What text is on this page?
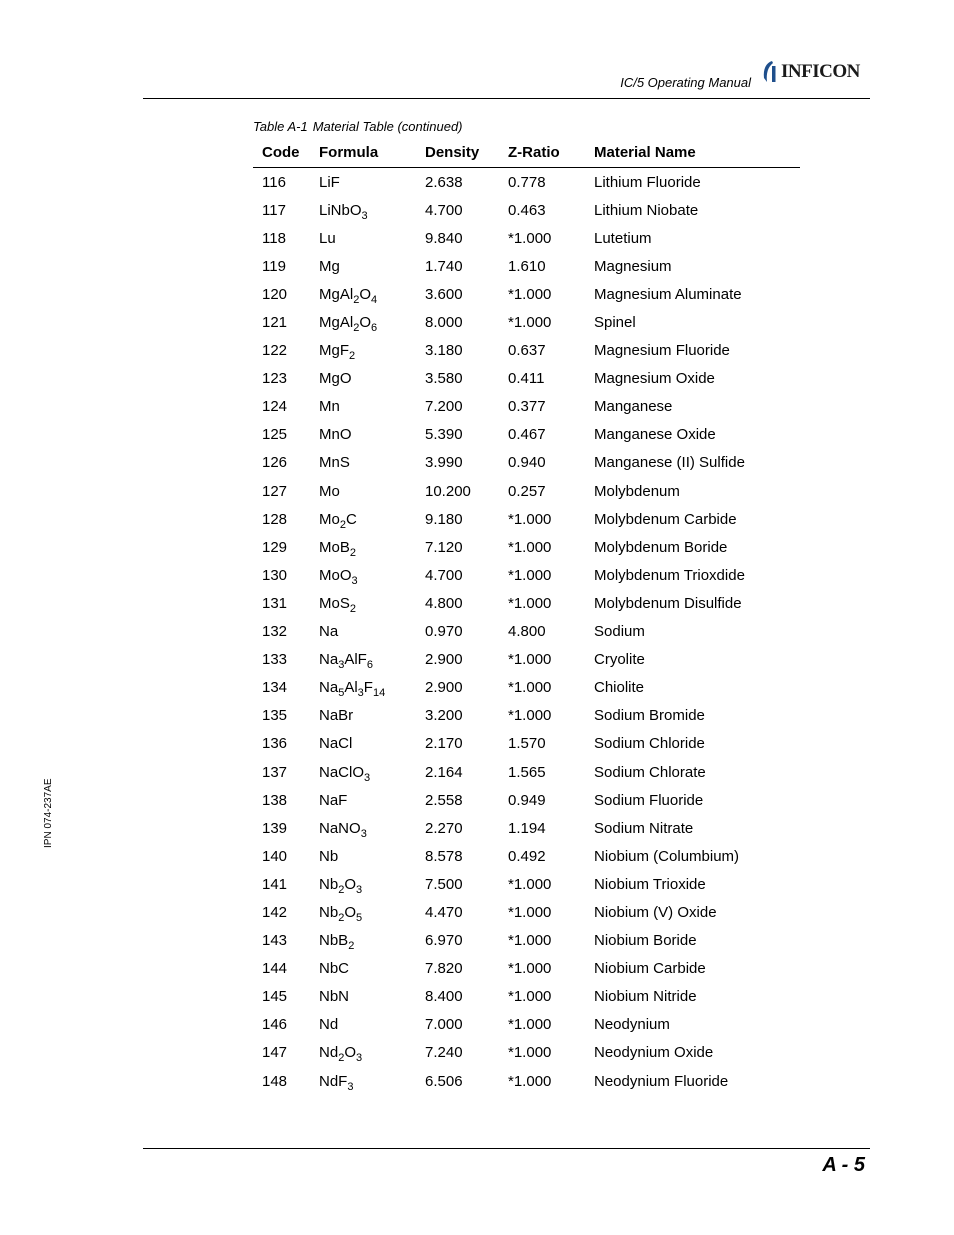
IC/5 Operating Manual
INFICON
Table A-1 Material Table (continued)
Code	Formula	Density	Z-Ratio	Material Name
116	LiF	2.638	0.778	Lithium Fluoride
117	LiNbO$_3$	4.700	0.463	Lithium Niobate
118	Lu	9.840	*1.000	Lutetium
119	Mg	1.740	1.610	Magnesium
120	$MgAl_2O_4$	3.600	*1.000	Magnesium Aluminate
121	$MgAl_2O_6$	8.000	*1.000	Spinel
122	MgF$_2$	3.180	0.637	Magnesium Fluoride
123	MgO	3.580	0.411	Magnesium Oxide
124	Mn	7.200	0.377	Manganese
125	MnO	5.390	0.467	Manganese Oxide
126	MnS	3.990	0.940	Manganese (II) Sulfide
127	Mo	10.200	0.257	Molybdenum
128	$Mo_2C$	9.180	*1.000	Molybdenum Carbide
129	MoB$_2$	7.120	*1.000	Molybdenum Boride
130	MoO$_3$	4.700	*1.000	Molybdenum Trioxdide
131	MoS$_2$	4.800	*1.000	Molybdenum Disulfide
132	Na	0.970	4.800	Sodium
133	$Na_3AlF_6$	2.900	*1.000	Cryolite
134	$Na_5Al_3F_{14}$	2.900	*1.000	Chiolite
135	NaBr	3.200	*1.000	Sodium Bromide
136	NaCl	2.170	1.570	Sodium Chloride
137	NaClO$_3$	2.164	1.565	Sodium Chlorate
138	NaF	2.558	0.949	Sodium Fluoride
139	NaNO$_3$	2.270	1.194	Sodium Nitrate
140	Nb	8.578	0.492	Niobium (Columbium)
141	$Nb_2O_3$	7.500	*1.000	Niobium Trioxide
142	$Nb_2O_5$	4.470	*1.000	Niobium (V) Oxide
143	NbB$_2$	6.970	*1.000	Niobium Boride
144	NbC	7.820	*1.000	Niobium Carbide
145	NbN	8.400	*1.000	Niobium Nitride
146	Nd	7.000	*1.000	Neodynium
147	$Nd_2O_3$	7.240	*1.000	Neodynium Oxide
148	NdF$_3$	6.506	*1.000	Neodynium Fluoride
IPN 074-237AE
A - 5
